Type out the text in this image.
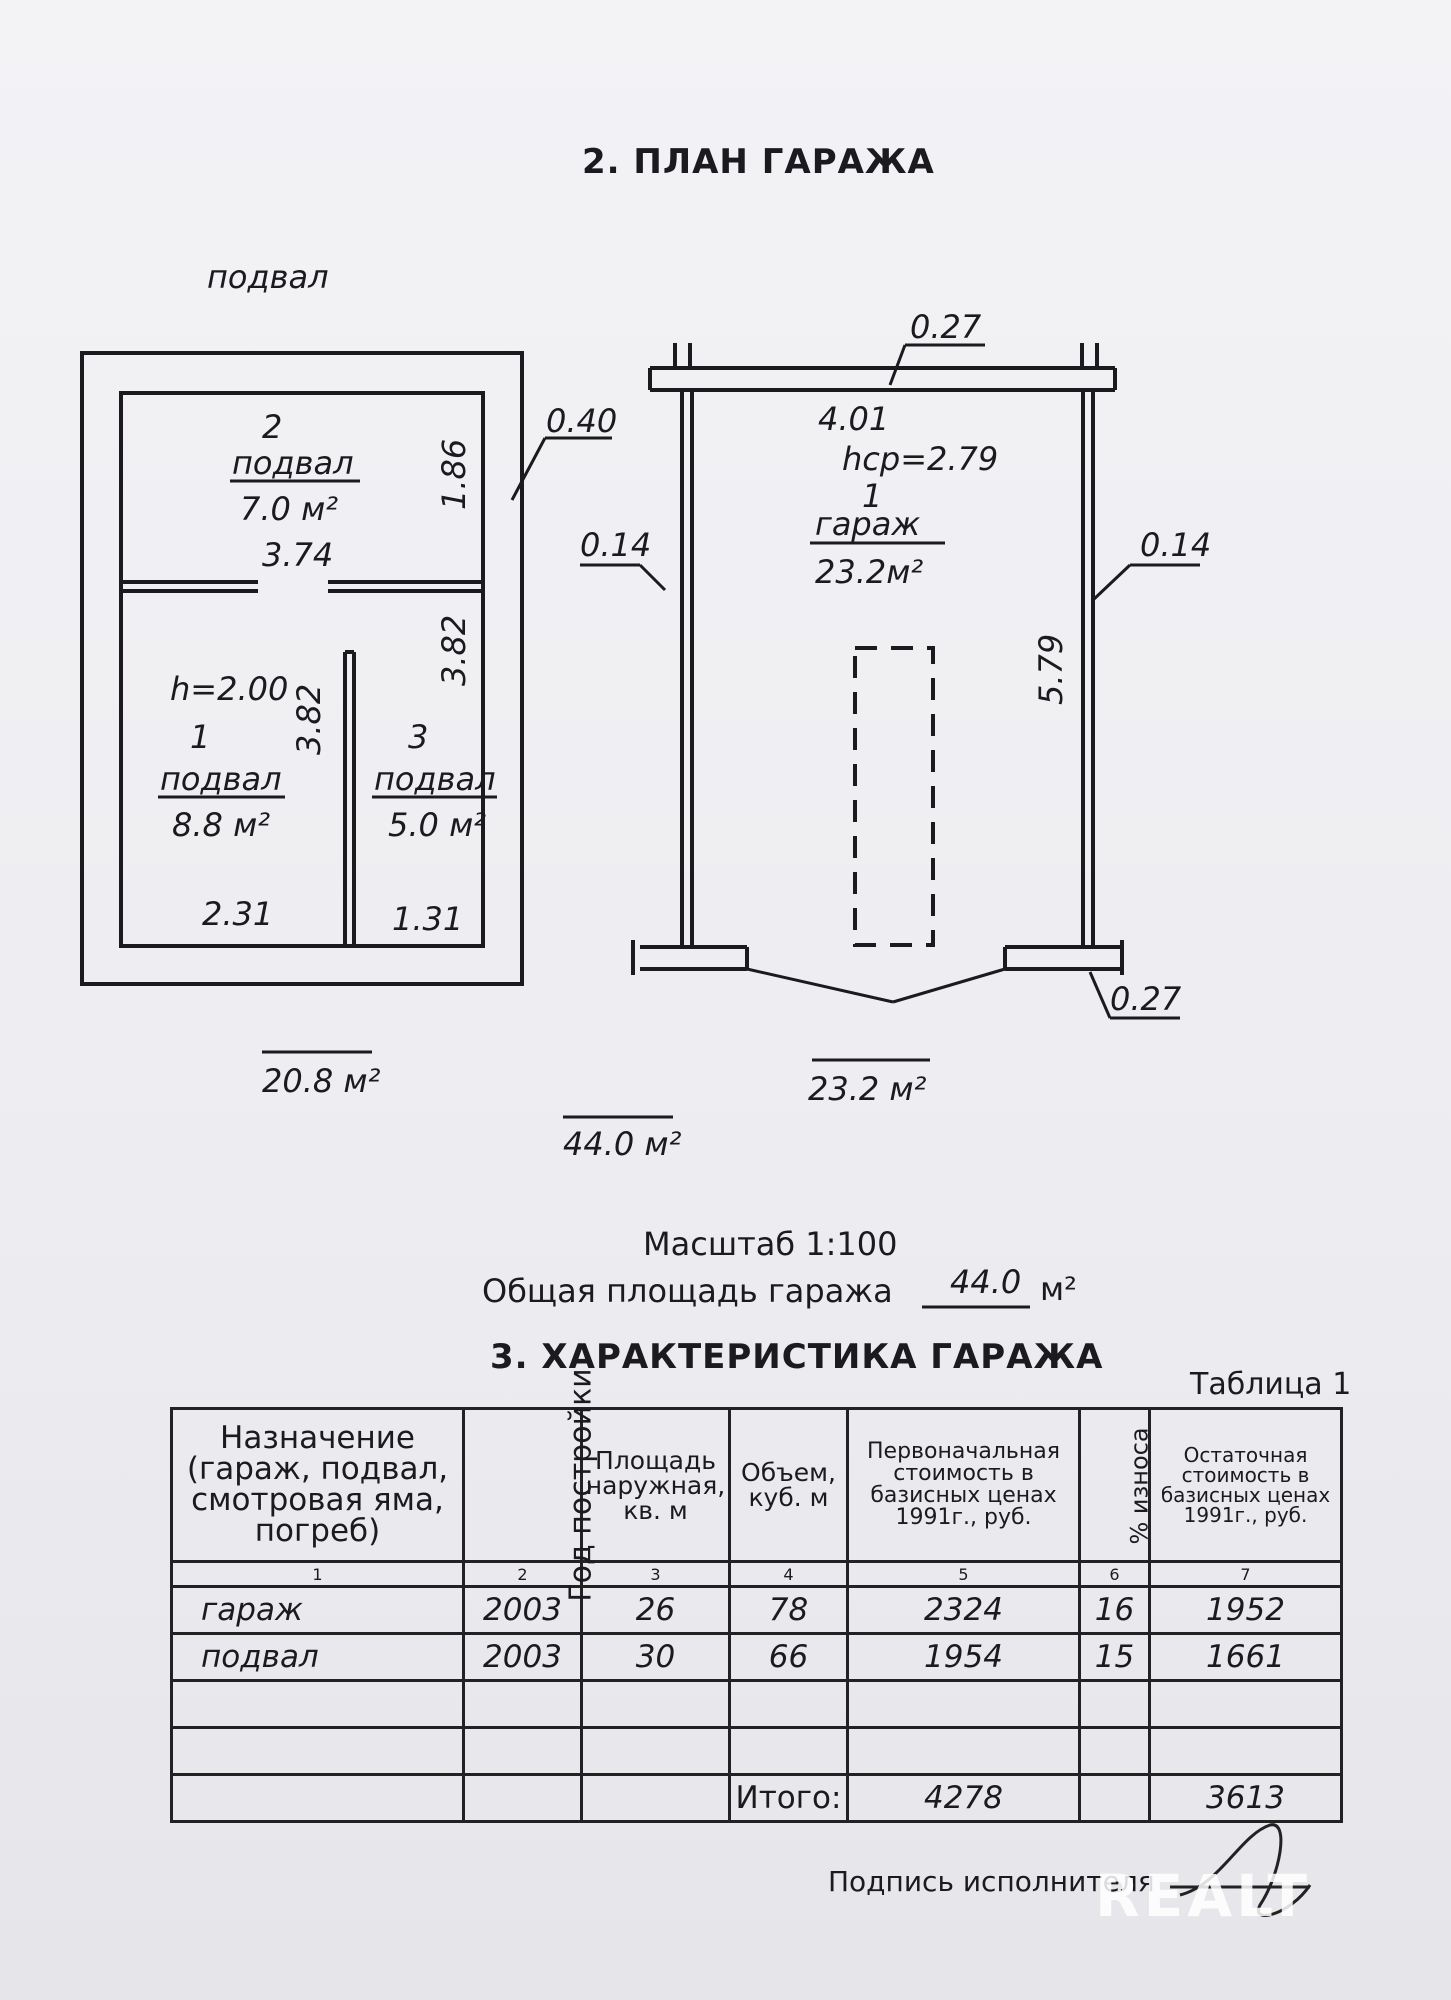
2. ПЛАН ГАРАЖА
подвал
2
подвал
7.0 м²
3.74
h=2.00
1
подвал
8.8 м²
3
подвал
5.0 м²
2.31	1.31
0.40
1.86
3.82
3.82
20.8 м²
0.27
4.01
hср=2.79
1
гараж
23.2м²
0.14	0.14
5.79
0.27
23.2 м²
44.0 м²
Масштаб 1:100
Общая площадь гаража 44.0 м²
3. ХАРАКТЕРИСТИКА ГАРАЖА
Таблица 1
Назначение (гараж, подвал, смотровая яма, погреб)	Год постройки	Площадь наружная, кв. м	Объем, куб. м	Первоначальная стоимость в базисных ценах 1991г., руб.	% износа	Остаточная стоимость в базисных ценах 1991г., руб.
1	2	3	4	5	6	7
гараж	2003	26	78	2324	16	1952
подвал	2003	30	66	1954	15	1661

			Итого:	4278		3613
Подпись исполнителя
REALT
